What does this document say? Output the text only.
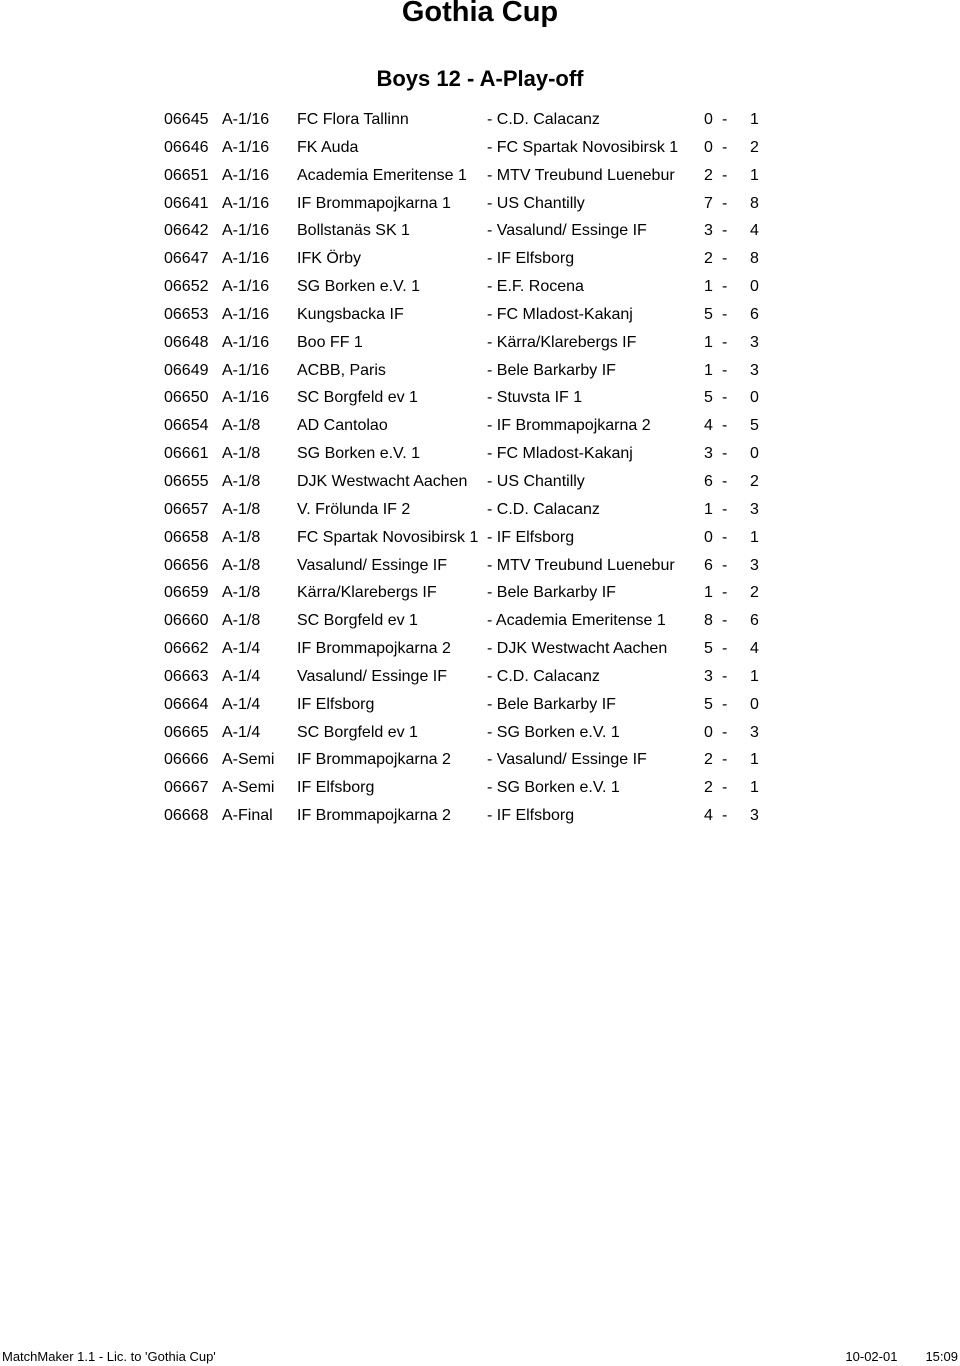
Gothia Cup
Boys 12 - A-Play-off
06645 A-1/16	FC Flora Tallinn	- C.D. Calacanz	0 - 1
06646 A-1/16	FK Auda	- FC Spartak Novosibirsk 1	0 - 2
06651 A-1/16	Academia Emeritense 1	- MTV Treubund Luenebur	2 - 1
06641 A-1/16	IF Brommapojkarna 1	- US Chantilly	7 - 8
06642 A-1/16	Bollstanäs SK 1	- Vasalund/ Essinge IF	3 - 4
06647 A-1/16	IFK Örby	- IF Elfsborg	2 - 8
06652 A-1/16	SG Borken e.V. 1	- E.F. Rocena	1 - 0
06653 A-1/16	Kungsbacka IF	- FC Mladost-Kakanj	5 - 6
06648 A-1/16	Boo FF 1	- Kärra/Klarebergs IF	1 - 3
06649 A-1/16	ACBB, Paris	- Bele Barkarby IF	1 - 3
06650 A-1/16	SC Borgfeld ev 1	- Stuvsta IF 1	5 - 0
06654 A-1/8	AD Cantolao	- IF Brommapojkarna 2	4 - 5
06661 A-1/8	SG Borken e.V. 1	- FC Mladost-Kakanj	3 - 0
06655 A-1/8	DJK Westwacht Aachen	- US Chantilly	6 - 2
06657 A-1/8	V. Frölunda IF 2	- C.D. Calacanz	1 - 3
06658 A-1/8	FC Spartak Novosibirsk 1 - IF Elfsborg	0 - 1
06656 A-1/8	Vasalund/ Essinge IF	- MTV Treubund Luenebur	6 - 3
06659 A-1/8	Kärra/Klarebergs IF	- Bele Barkarby IF	1 - 2
06660 A-1/8	SC Borgfeld ev 1	- Academia Emeritense 1	8 - 6
06662 A-1/4	IF Brommapojkarna 2	- DJK Westwacht Aachen	5 - 4
06663 A-1/4	Vasalund/ Essinge IF	- C.D. Calacanz	3 - 1
06664 A-1/4	IF Elfsborg	- Bele Barkarby IF	5 - 0
06665 A-1/4	SC Borgfeld ev 1	- SG Borken e.V. 1	0 - 3
06666 A-Semi	IF Brommapojkarna 2	- Vasalund/ Essinge IF	2 - 1
06667 A-Semi	IF Elfsborg	- SG Borken e.V. 1	2 - 1
06668 A-Final	IF Brommapojkarna 2	- IF Elfsborg	4 - 3
MatchMaker 1.1 - Lic. to 'Gothia Cup'	10-02-01 15:09
